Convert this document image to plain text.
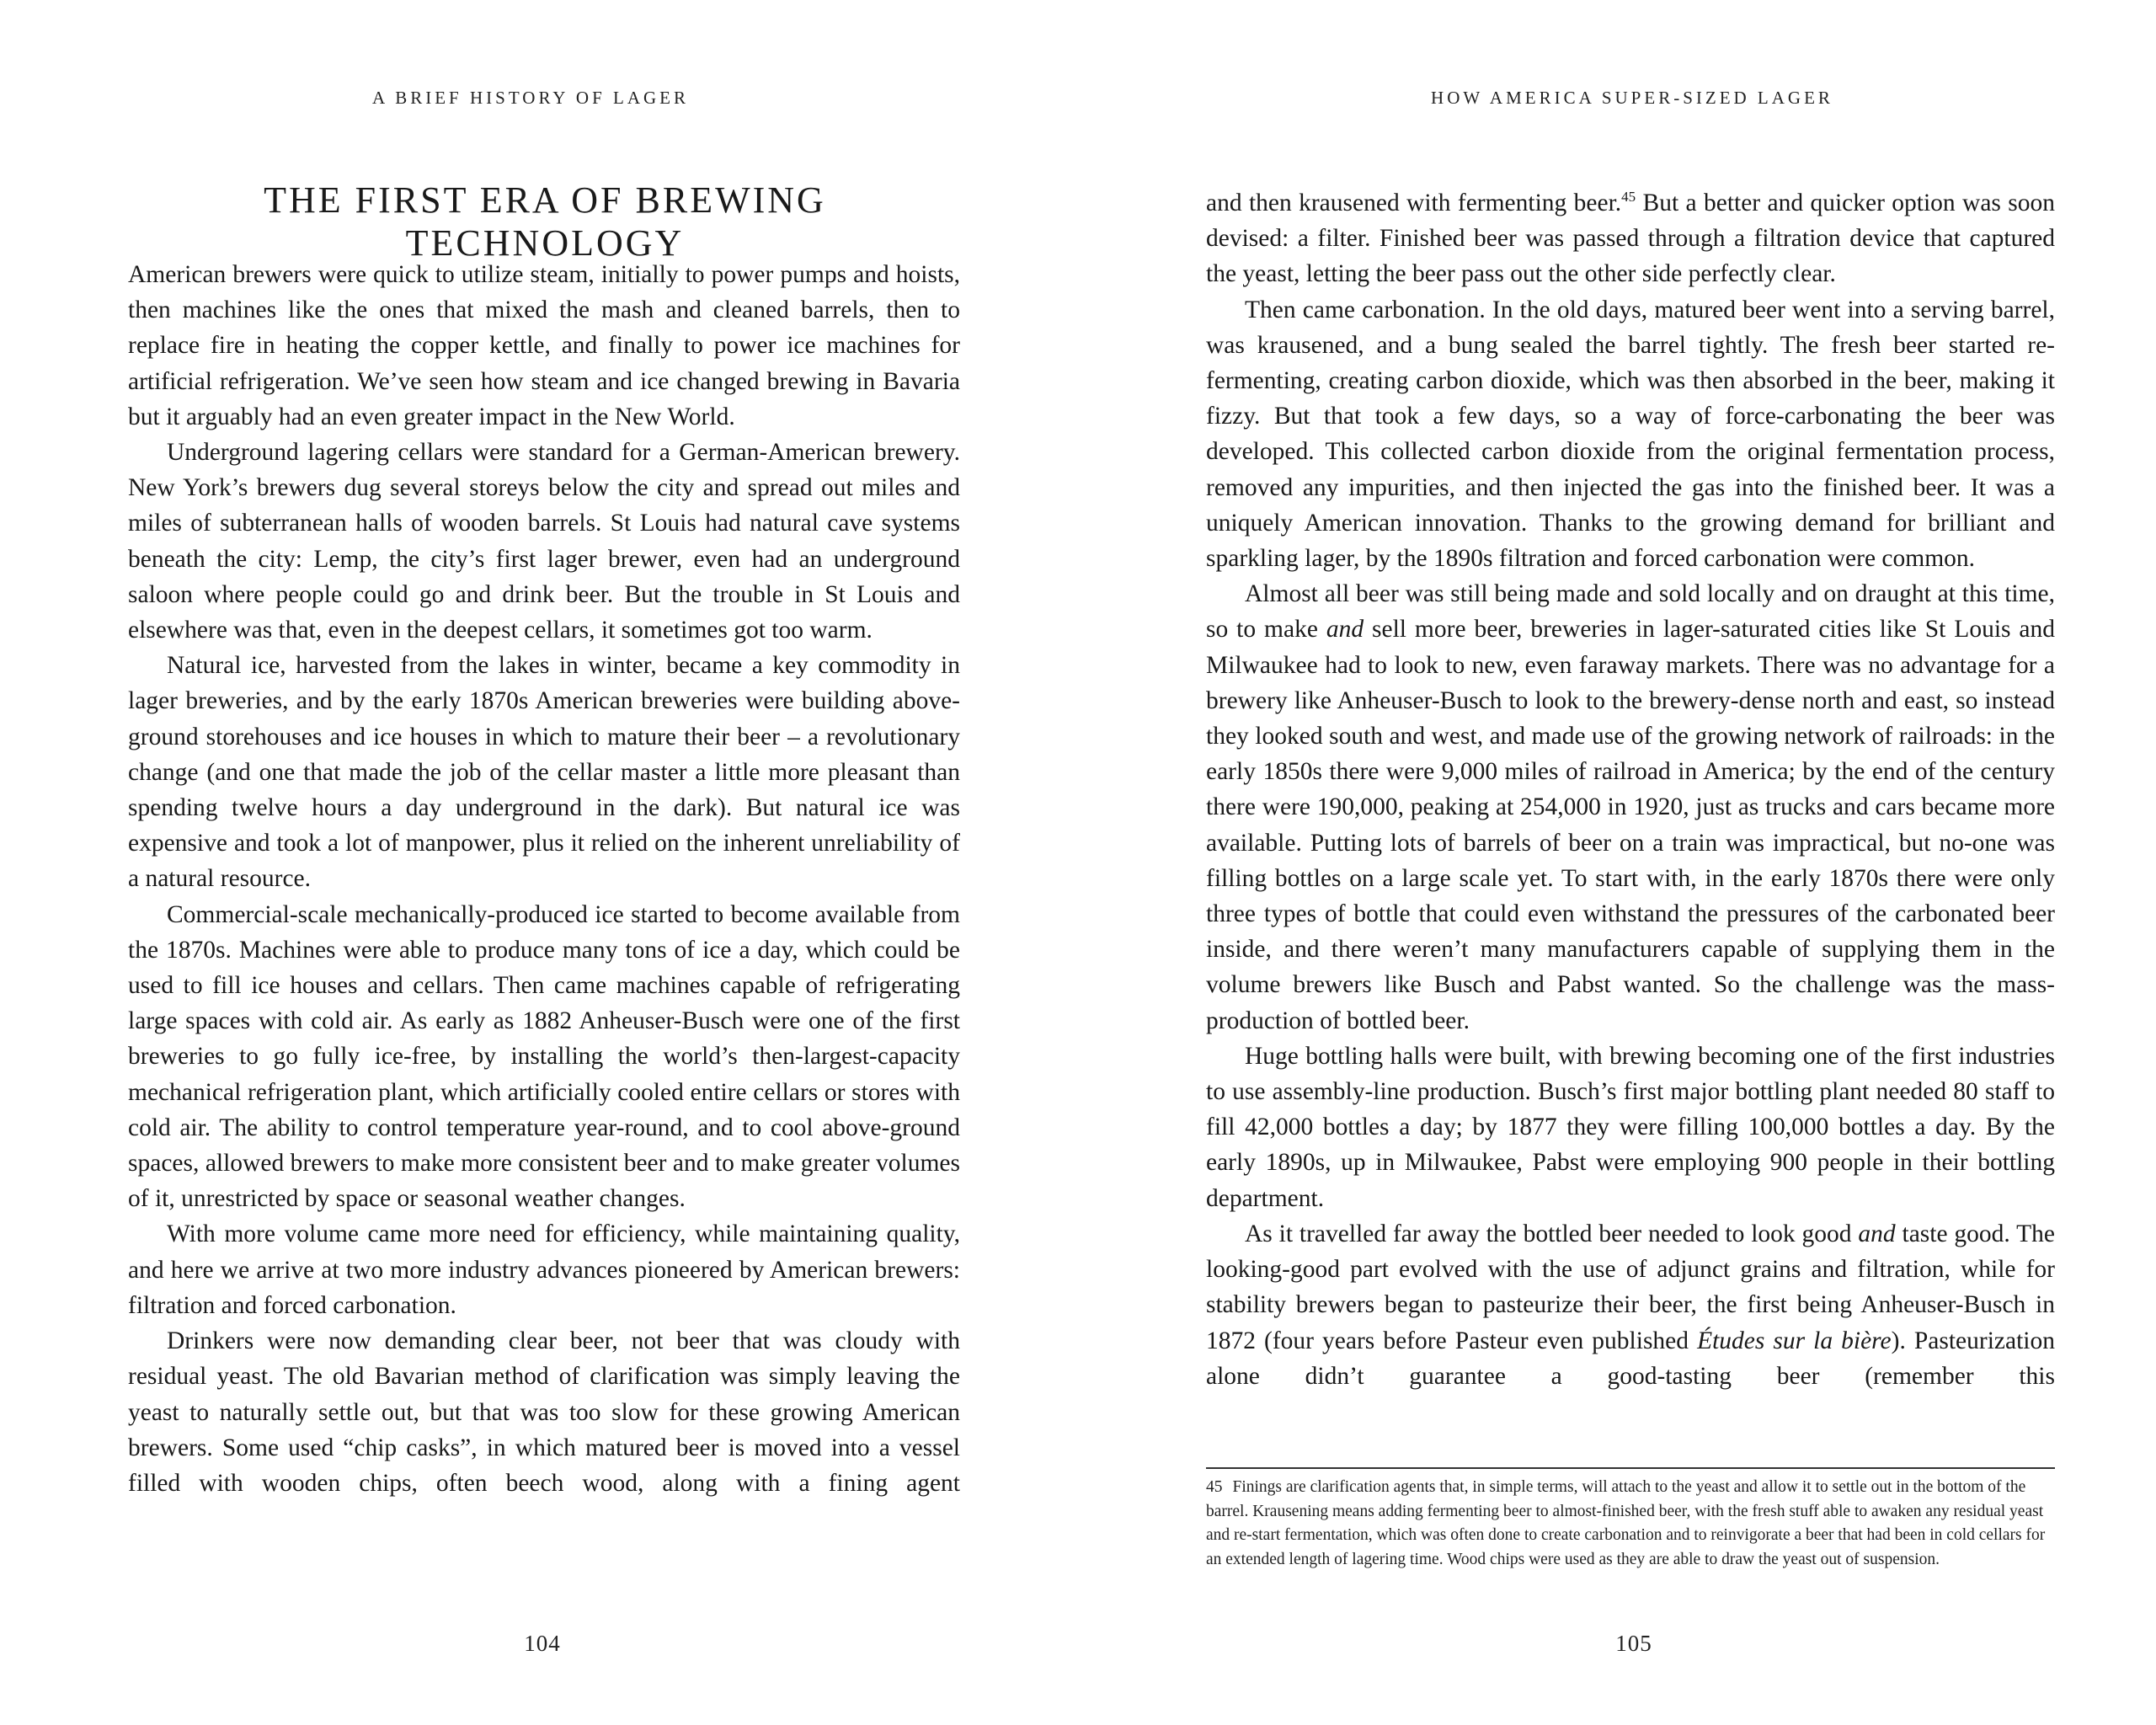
A BRIEF HISTORY OF LAGER
THE FIRST ERA OF BREWING TECHNOLOGY

American brewers were quick to utilize steam, initially to power pumps and hoists, then machines like the ones that mixed the mash and cleaned barrels, then to replace fire in heating the copper kettle, and finally to power ice machines for artificial refrigeration. We’ve seen how steam and ice changed brewing in Bavaria but it arguably had an even greater impact in the New World.

Underground lagering cellars were standard for a German-American brewery. New York’s brewers dug several storeys below the city and spread out miles and miles of subterranean halls of wooden barrels. St Louis had natural cave systems beneath the city: Lemp, the city’s first lager brewer, even had an underground saloon where people could go and drink beer. But the trouble in St Louis and elsewhere was that, even in the deepest cellars, it sometimes got too warm.

Natural ice, harvested from the lakes in winter, became a key commodity in lager breweries, and by the early 1870s American breweries were building above-ground storehouses and ice houses in which to mature their beer – a revolutionary change (and one that made the job of the cellar master a little more pleasant than spending twelve hours a day underground in the dark). But natural ice was expensive and took a lot of manpower, plus it relied on the inherent unreliability of a natural resource.

Commercial-scale mechanically-produced ice started to become available from the 1870s. Machines were able to produce many tons of ice a day, which could be used to fill ice houses and cellars. Then came machines capable of refrigerating large spaces with cold air. As early as 1882 Anheuser-Busch were one of the first breweries to go fully ice-free, by installing the world’s then-largest-capacity mechanical refrigeration plant, which artificially cooled entire cellars or stores with cold air. The ability to control temperature year-round, and to cool above-ground spaces, allowed brewers to make more consistent beer and to make greater volumes of it, unrestricted by space or seasonal weather changes.

With more volume came more need for efficiency, while maintaining quality, and here we arrive at two more industry advances pioneered by American brewers: filtration and forced carbonation.

Drinkers were now demanding clear beer, not beer that was cloudy with residual yeast. The old Bavarian method of clarification was simply leaving the yeast to naturally settle out, but that was too slow for these growing American brewers. Some used “chip casks”, in which matured beer is moved into a vessel filled with wooden chips, often beech wood, along with a fining agent

104
HOW AMERICA SUPER-SIZED LAGER

and then krausened with fermenting beer.$^{45}$ But a better and quicker option was soon devised: a filter. Finished beer was passed through a filtration device that captured the yeast, letting the beer pass out the other side perfectly clear.

Then came carbonation. In the old days, matured beer went into a serving barrel, was krausened, and a bung sealed the barrel tightly. The fresh beer started re-fermenting, creating carbon dioxide, which was then absorbed in the beer, making it fizzy. But that took a few days, so a way of force-carbonating the beer was developed. This collected carbon dioxide from the original fermentation process, removed any impurities, and then injected the gas into the finished beer. It was a uniquely American innovation. Thanks to the growing demand for brilliant and sparkling lager, by the 1890s filtration and forced carbonation were common.

Almost all beer was still being made and sold locally and on draught at this time, so to make and sell more beer, breweries in lager-saturated cities like St Louis and Milwaukee had to look to new, even faraway markets. There was no advantage for a brewery like Anheuser-Busch to look to the brewery-dense north and east, so instead they looked south and west, and made use of the growing network of railroads: in the early 1850s there were 9,000 miles of railroad in America; by the end of the century there were 190,000, peaking at 254,000 in 1920, just as trucks and cars became more available. Putting lots of barrels of beer on a train was impractical, but no-one was filling bottles on a large scale yet. To start with, in the early 1870s there were only three types of bottle that could even withstand the pressures of the carbonated beer inside, and there weren’t many manufacturers capable of supplying them in the volume brewers like Busch and Pabst wanted. So the challenge was the mass-production of bottled beer.

Huge bottling halls were built, with brewing becoming one of the first industries to use assembly-line production. Busch’s first major bottling plant needed 80 staff to fill 42,000 bottles a day; by 1877 they were filling 100,000 bottles a day. By the early 1890s, up in Milwaukee, Pabst were employing 900 people in their bottling department.

As it travelled far away the bottled beer needed to look good and taste good. The looking-good part evolved with the use of adjunct grains and filtration, while for stability brewers began to pasteurize their beer, the first being Anheuser-Busch in 1872 (four years before Pasteur even published Études sur la bière). Pasteurization alone didn’t guarantee a good-tasting beer (remember this

45 Finings are clarification agents that, in simple terms, will attach to the yeast and allow it to settle out in the bottom of the barrel. Krausening means adding fermenting beer to almost-finished beer, with the fresh stuff able to awaken any residual yeast and re-start fermentation, which was often done to create carbonation and to reinvigorate a beer that had been in cold cellars for an extended length of lagering time. Wood chips were used as they are able to draw the yeast out of suspension.

105
